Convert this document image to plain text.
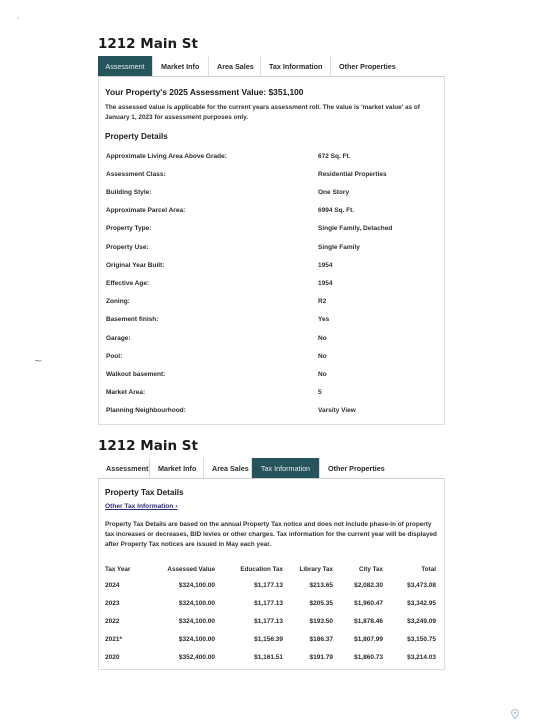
·
~
1212 Main St
Assessment	Market Info	Area Sales	Tax Information	Other Properties
Your Property's 2025 Assessment Value: $351,100
The assessed value is applicable for the current years assessment roll. The value is 'market value' as of January 1, 2023 for assessment purposes only.
Property Details
Approximate Living Area Above Grade:	672 Sq. Ft.
Assessment Class:	Residential Properties
Building Style:	One Story
Approximate Parcel Area:	6994 Sq. Ft.
Property Type:	Single Family, Detached
Property Use:	Single Family
Original Year Built:	1954
Effective Age:	1954
Zoning:	R2
Basement finish:	Yes
Garage:	No
Pool:	No
Walkout basement:	No
Market Area:	5
Planning Neighbourhood:	Varsity View
1212 Main St
Assessment	Market Info	Area Sales	Tax Information	Other Properties
Property Tax Details
Other Tax Information ›
Property Tax Details are based on the annual Property Tax notice and does not include phase-in of property tax increases or decreases, BID levies or other charges. Tax information for the current year will be displayed after Property Tax notices are issued in May each year.
Tax Year	Assessed Value	Education Tax	Library Tax	City Tax	Total
2024	$324,100.00	$1,177.13	$213.65	$2,082.30	$3,473.08
2023	$324,100.00	$1,177.13	$205.35	$1,960.47	$3,342.95
2022	$324,100.00	$1,177.13	$193.50	$1,878.46	$3,249.09
2021*	$324,100.00	$1,156.39	$186.37	$1,807.99	$3,150.75
2020	$352,400.00	$1,161.51	$191.79	$1,860.73	$3,214.03
